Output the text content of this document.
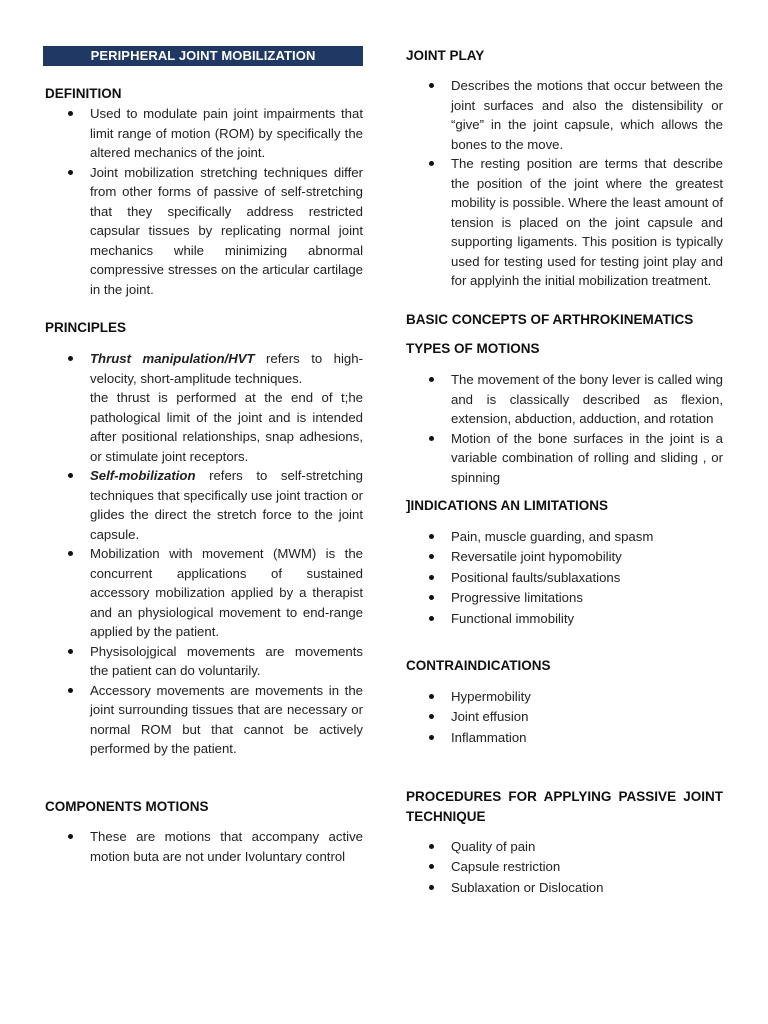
PERIPHERAL JOINT MOBILIZATION
DEFINITION
Used to modulate pain joint impairments that limit range of motion (ROM) by specifically the altered mechanics of the joint.
Joint mobilization stretching techniques differ from other forms of passive of self-stretching that they specifically address restricted capsular tissues by replicating normal joint mechanics while minimizing abnormal compressive stresses on the articular cartilage in the joint.
PRINCIPLES
Thrust manipulation/HVT refers to high-velocity, short-amplitude techniques.
the thrust is performed at the end of t;he pathological limit of the joint and is intended after positional relationships, snap adhesions, or stimulate joint receptors.
Self-mobilization refers to self-stretching techniques that specifically use joint traction or glides the direct the stretch force to the joint capsule.
Mobilization with movement (MWM) is the concurrent applications of sustained accessory mobilization applied by a therapist and an physiological movement to end-range applied by the patient.
Physisolojgical movements are movements the patient can do voluntarily.
Accessory movements are movements in the joint surrounding tissues that are necessary or normal ROM but that cannot be actively performed by the patient.
COMPONENTS MOTIONS
These are motions that accompany active motion buta are not under Ivoluntary control
JOINT PLAY
Describes the motions that occur between the joint surfaces and also the distensibility or “give” in the joint capsule, which allows the bones to the move.
The resting position are terms that describe the position of the joint where the greatest mobility is possible. Where the least amount of tension is placed on the joint capsule and supporting ligaments. This position is typically used for testing used for testing joint play and for applyinh the initial mobilization treatment.
BASIC CONCEPTS OF ARTHROKINEMATICS
TYPES OF MOTIONS
The movement of the bony lever is called wing and is classically described as flexion, extension, abduction, adduction, and rotation
Motion of the bone surfaces in the joint is a variable combination of rolling and sliding , or spinning
]INDICATIONS AN LIMITATIONS
Pain, muscle guarding, and spasm
Reversatile joint hypomobility
Positional faults/sublaxations
Progressive limitations
Functional immobility
CONTRAINDICATIONS
Hypermobility
Joint effusion
Inflammation
PROCEDURES FOR APPLYING PASSIVE JOINT TECHNIQUE
Quality of pain
Capsule restriction
Sublaxation or Dislocation
